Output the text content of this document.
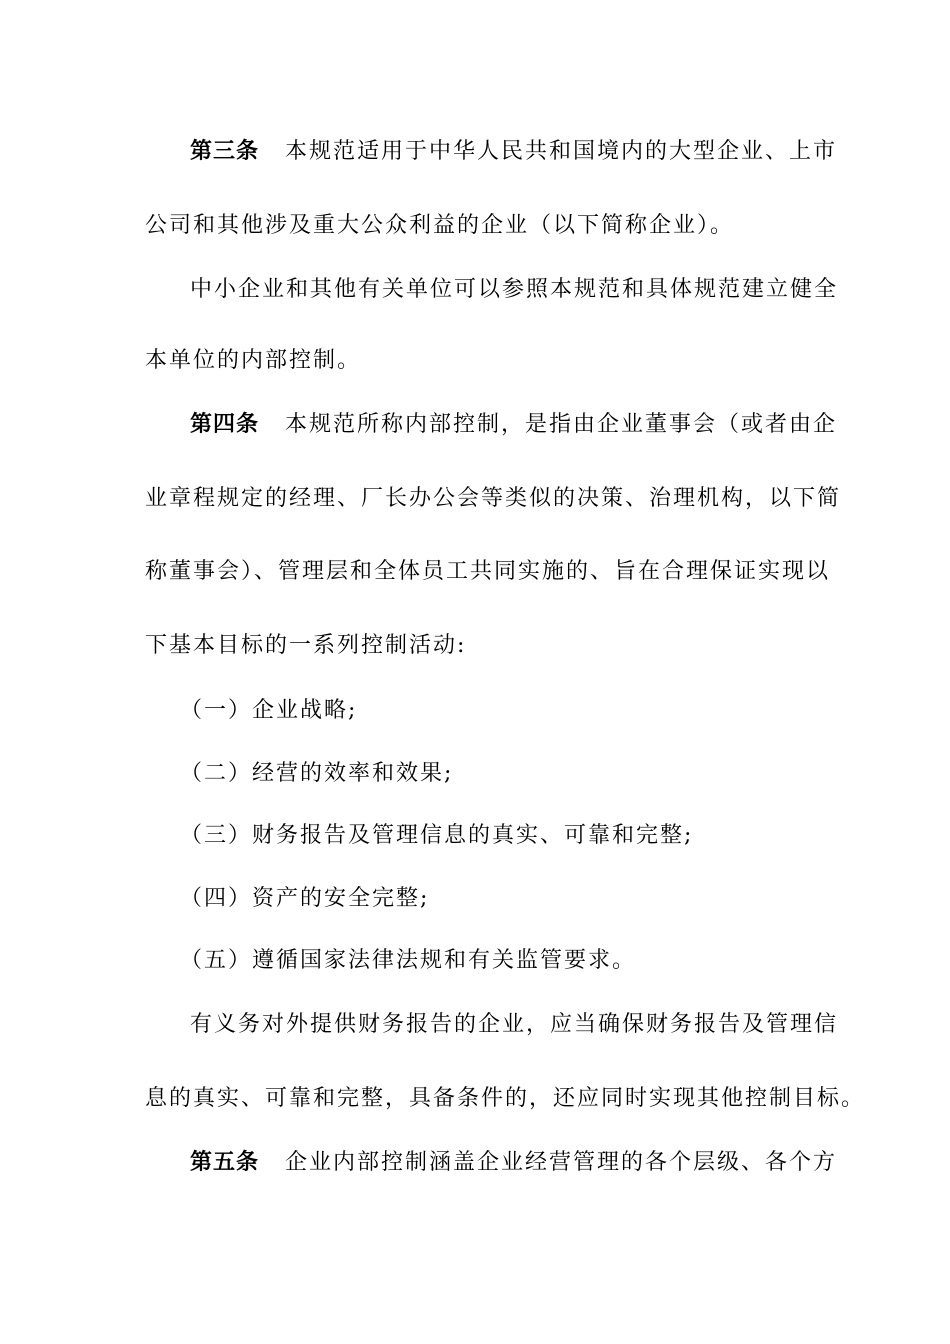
第三条 本规范适用于中华人民共和国境内的大型企业、上市
公司和其他涉及重大公众利益的企业（以下简称企业）。
中小企业和其他有关单位可以参照本规范和具体规范建立健全
本单位的内部控制。
第四条 本规范所称内部控制，是指由企业董事会（或者由企
业章程规定的经理、厂长办公会等类似的决策、治理机构，以下简
称董事会）、管理层和全体员工共同实施的、旨在合理保证实现以
下基本目标的一系列控制活动:
（一）企业战略;
（二）经营的效率和效果;
（三）财务报告及管理信息的真实、可靠和完整;
（四）资产的安全完整;
（五）遵循国家法律法规和有关监管要求。
有义务对外提供财务报告的企业，应当确保财务报告及管理信
息的真实、可靠和完整，具备条件的，还应同时实现其他控制目标。
第五条 企业内部控制涵盖企业经营管理的各个层级、各个方
